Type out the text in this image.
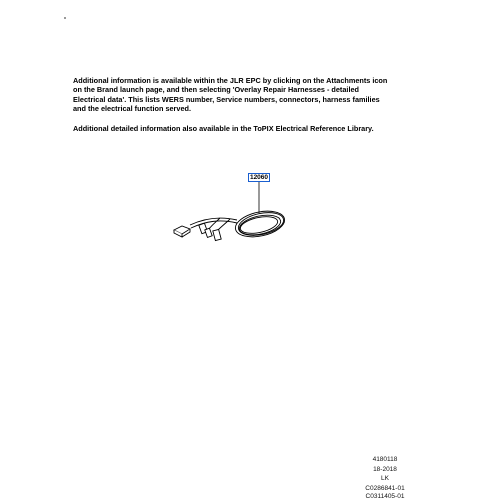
Additional information is available within the JLR EPC by clicking on the Attachments icon
on the Brand launch page, and then selecting 'Overlay Repair Harnesses - detailed
Electrical data'. This lists WERS number, Service numbers, connectors, harness families
and the electrical function served.

Additional detailed information also available in the ToPIX Electrical Reference Library.

12060
4180118
18-2018
LK
C0286841-01
C0311405-01
